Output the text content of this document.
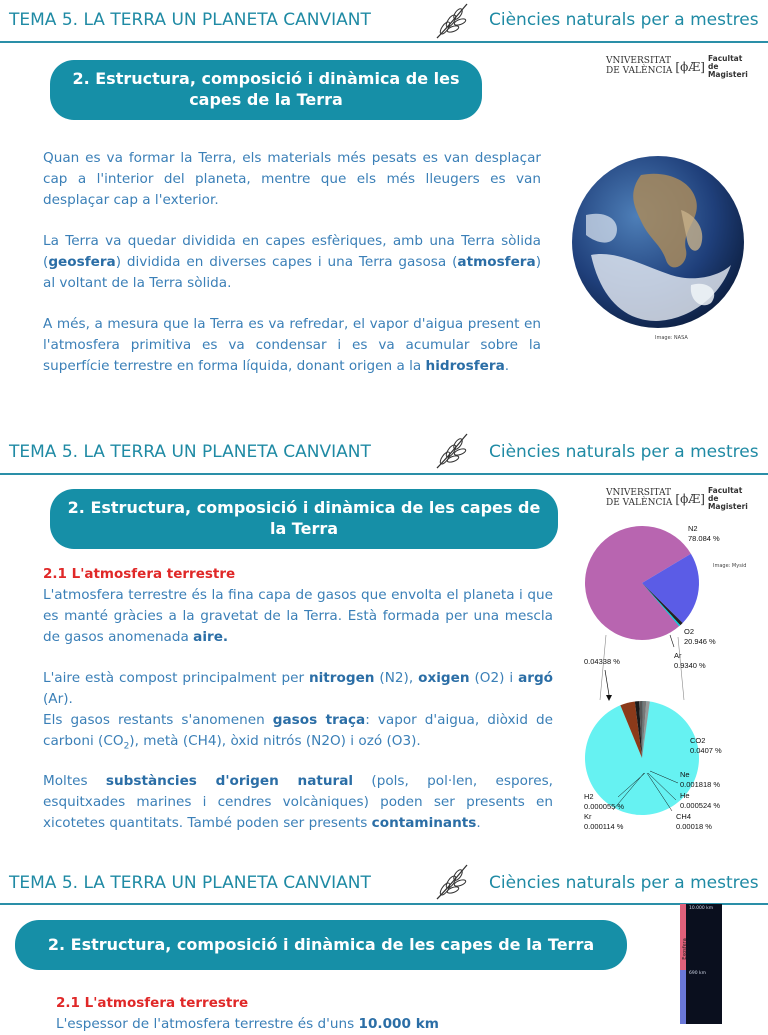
TEMA 5. LA TERRA UN PLANETA CANVIANT	Ciències naturals per a mestres
2. Estructura, composició i dinàmica de les capes de la Terra
VNIVERSITAT
DE VALÈNCIA [ϕÆ]
Facultat de Magisteri
Quan es va formar la Terra, els materials més pesats es van desplaçar cap a l'interior del planeta, mentre que els més lleugers es van desplaçar cap a l'exterior.
La Terra va quedar dividida en capes esfèriques, amb una Terra sòlida (geosfera) dividida en diverses capes i una Terra gasosa (atmosfera) al voltant de la Terra sòlida.
A més, a mesura que la Terra es va refredar, el vapor d'aigua present en l'atmosfera primitiva es va condensar i es va acumular sobre la superfície terrestre en forma líquida, donant origen a la hidrosfera.
Image: NASA
TEMA 5. LA TERRA UN PLANETA CANVIANT	Ciències naturals per a mestres
2. Estructura, composició i dinàmica de les capes de la Terra
VNIVERSITAT
DE VALÈNCIA [ϕÆ]
Facultat de Magisteri
2.1 L'atmosfera terrestre
L'atmosfera terrestre és la fina capa de gasos que envolta el planeta i que es manté gràcies a la gravetat de la Terra. Està formada per una mescla de gasos anomenada aire.
L'aire està compost principalment per nitrogen (N2), oxigen (O2) i argó (Ar).
Els gasos restants s'anomenen gasos traça: vapor d'aigua, diòxid de carboni $(CO_2)$, metà (CH4), òxid nitrós (N2O) i ozó (O3).
Moltes substàncies d'origen natural (pols, pol·len, espores, esquitxades marines i cendres volcàniques) poden ser presents en xicotetes quantitats. També poden ser presents contaminants.
N2
78.084 %
Image: Mysid
O2
20.946 %
Ar
0.9340 %
0.04338 %
CO2
0.0407 %
Ne
0.001818 %
He
0.000524 %
CH4
0.00018 %
H2
0.000055 %
Kr
0.000114 %
TEMA 5. LA TERRA UN PLANETA CANVIANT	Ciències naturals per a mestres
2. Estructura, composició i dinàmica de les capes de la Terra
2.1 L'atmosfera terrestre
L'espessor de l'atmosfera terrestre és d'uns 10.000 km
10.000 km
690 km
Exosfera
